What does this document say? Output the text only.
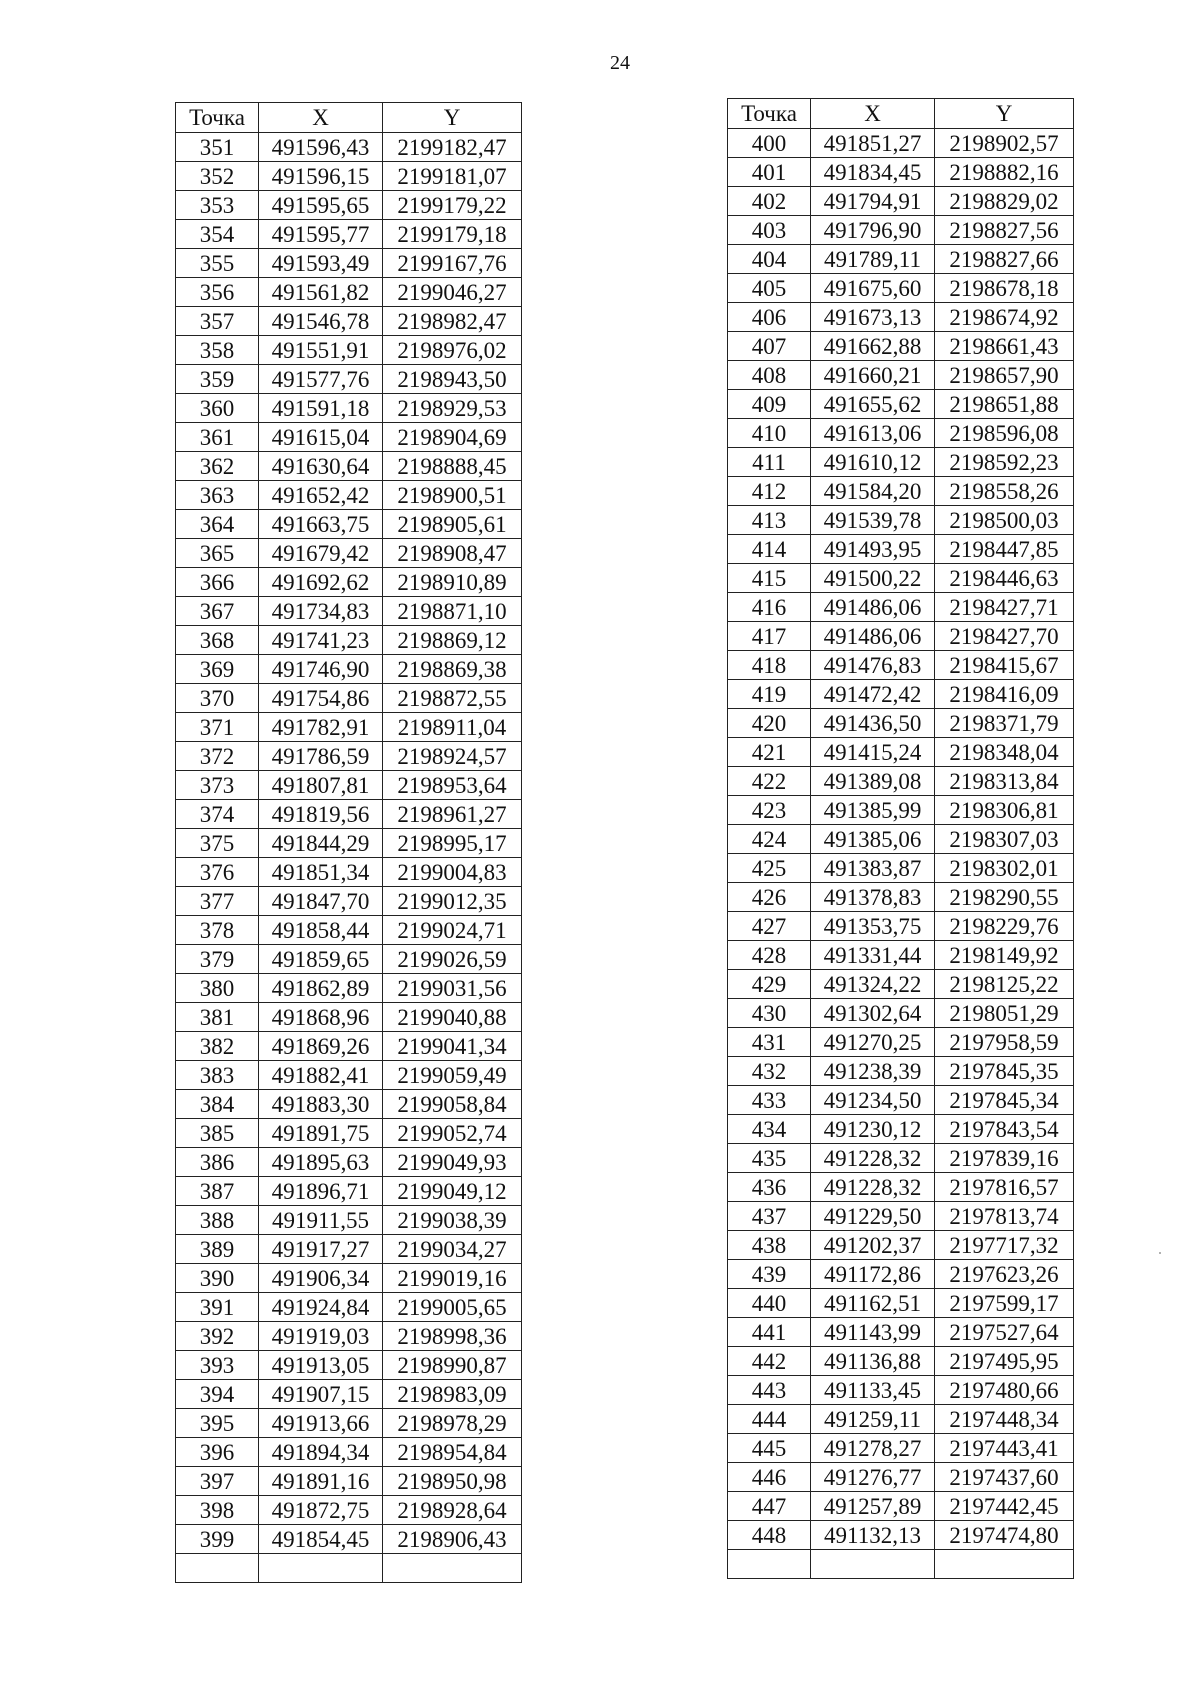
24
Точка	X	Y
351	491596,43	2199182,47
352	491596,15	2199181,07
353	491595,65	2199179,22
354	491595,77	2199179,18
355	491593,49	2199167,76
356	491561,82	2199046,27
357	491546,78	2198982,47
358	491551,91	2198976,02
359	491577,76	2198943,50
360	491591,18	2198929,53
361	491615,04	2198904,69
362	491630,64	2198888,45
363	491652,42	2198900,51
364	491663,75	2198905,61
365	491679,42	2198908,47
366	491692,62	2198910,89
367	491734,83	2198871,10
368	491741,23	2198869,12
369	491746,90	2198869,38
370	491754,86	2198872,55
371	491782,91	2198911,04
372	491786,59	2198924,57
373	491807,81	2198953,64
374	491819,56	2198961,27
375	491844,29	2198995,17
376	491851,34	2199004,83
377	491847,70	2199012,35
378	491858,44	2199024,71
379	491859,65	2199026,59
380	491862,89	2199031,56
381	491868,96	2199040,88
382	491869,26	2199041,34
383	491882,41	2199059,49
384	491883,30	2199058,84
385	491891,75	2199052,74
386	491895,63	2199049,93
387	491896,71	2199049,12
388	491911,55	2199038,39
389	491917,27	2199034,27
390	491906,34	2199019,16
391	491924,84	2199005,65
392	491919,03	2198998,36
393	491913,05	2198990,87
394	491907,15	2198983,09
395	491913,66	2198978,29
396	491894,34	2198954,84
397	491891,16	2198950,98
398	491872,75	2198928,64
399	491854,45	2198906,43

Точка	X	Y
400	491851,27	2198902,57
401	491834,45	2198882,16
402	491794,91	2198829,02
403	491796,90	2198827,56
404	491789,11	2198827,66
405	491675,60	2198678,18
406	491673,13	2198674,92
407	491662,88	2198661,43
408	491660,21	2198657,90
409	491655,62	2198651,88
410	491613,06	2198596,08
411	491610,12	2198592,23
412	491584,20	2198558,26
413	491539,78	2198500,03
414	491493,95	2198447,85
415	491500,22	2198446,63
416	491486,06	2198427,71
417	491486,06	2198427,70
418	491476,83	2198415,67
419	491472,42	2198416,09
420	491436,50	2198371,79
421	491415,24	2198348,04
422	491389,08	2198313,84
423	491385,99	2198306,81
424	491385,06	2198307,03
425	491383,87	2198302,01
426	491378,83	2198290,55
427	491353,75	2198229,76
428	491331,44	2198149,92
429	491324,22	2198125,22
430	491302,64	2198051,29
431	491270,25	2197958,59
432	491238,39	2197845,35
433	491234,50	2197845,34
434	491230,12	2197843,54
435	491228,32	2197839,16
436	491228,32	2197816,57
437	491229,50	2197813,74
438	491202,37	2197717,32
439	491172,86	2197623,26
440	491162,51	2197599,17
441	491143,99	2197527,64
442	491136,88	2197495,95
443	491133,45	2197480,66
444	491259,11	2197448,34
445	491278,27	2197443,41
446	491276,77	2197437,60
447	491257,89	2197442,45
448	491132,13	2197474,80
